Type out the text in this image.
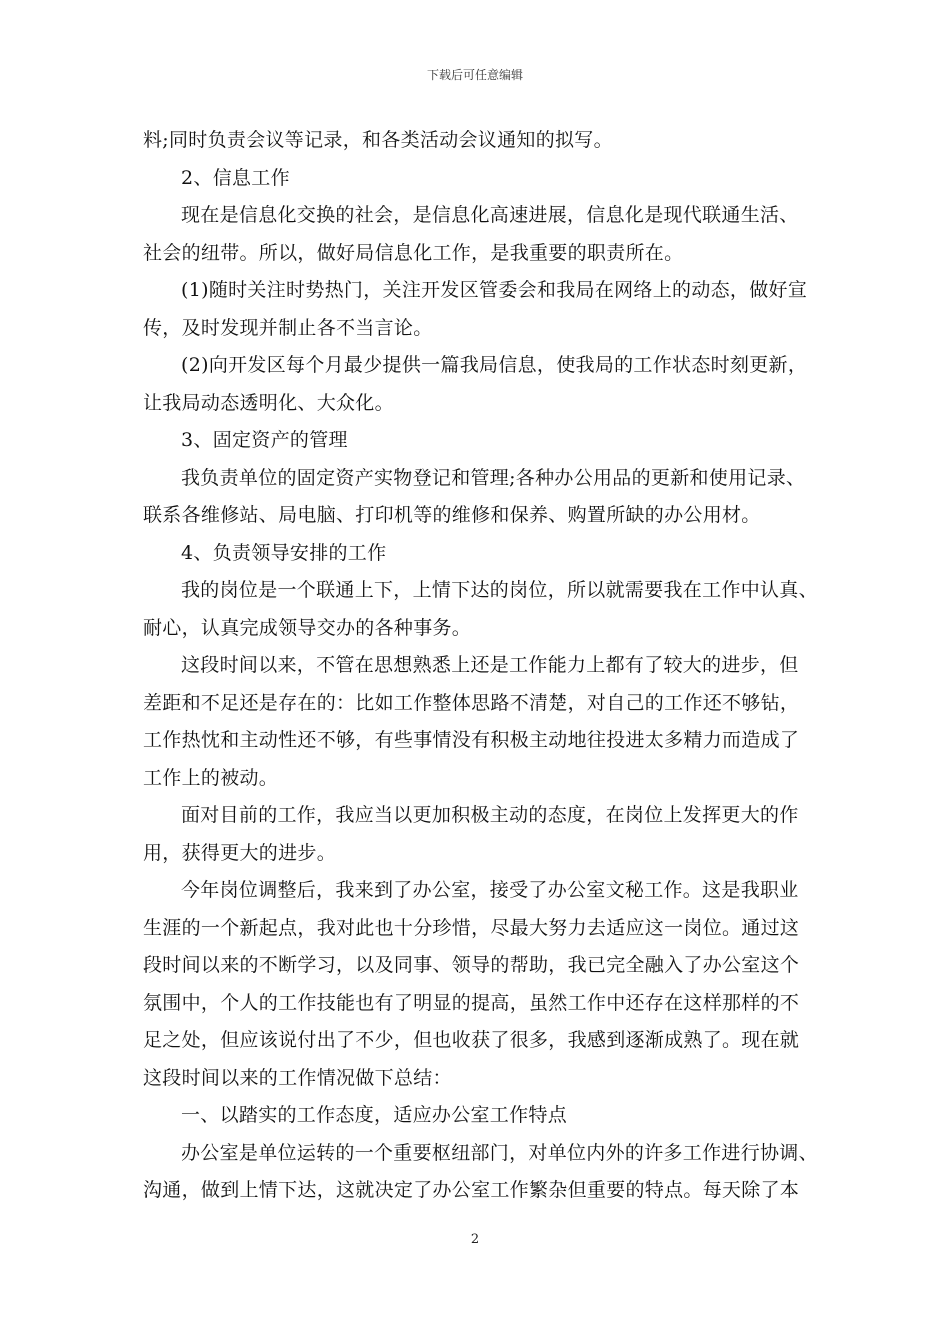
下载后可任意编辑
料;同时负责会议等记录，和各类活动会议通知的拟写。
2、信息工作
现在是信息化交换的社会，是信息化高速进展，信息化是现代联通生活、
社会的纽带。所以，做好局信息化工作，是我重要的职责所在。
(1)随时关注时势热门，关注开发区管委会和我局在网络上的动态，做好宣
传，及时发现并制止各不当言论。
(2)向开发区每个月最少提供一篇我局信息，使我局的工作状态时刻更新，
让我局动态透明化、大众化。
3、固定资产的管理
我负责单位的固定资产实物登记和管理;各种办公用品的更新和使用记录、
联系各维修站、局电脑、打印机等的维修和保养、购置所缺的办公用材。
4、负责领导安排的工作
我的岗位是一个联通上下，上情下达的岗位，所以就需要我在工作中认真、
耐心，认真完成领导交办的各种事务。
这段时间以来，不管在思想熟悉上还是工作能力上都有了较大的进步，但
差距和不足还是存在的：比如工作整体思路不清楚，对自己的工作还不够钻，
工作热忱和主动性还不够，有些事情没有积极主动地往投进太多精力而造成了
工作上的被动。
面对目前的工作，我应当以更加积极主动的态度，在岗位上发挥更大的作
用，获得更大的进步。
今年岗位调整后，我来到了办公室，接受了办公室文秘工作。这是我职业
生涯的一个新起点，我对此也十分珍惜，尽最大努力去适应这一岗位。通过这
段时间以来的不断学习，以及同事、领导的帮助，我已完全融入了办公室这个
氛围中，个人的工作技能也有了明显的提高，虽然工作中还存在这样那样的不
足之处，但应该说付出了不少，但也收获了很多，我感到逐渐成熟了。现在就
这段时间以来的工作情况做下总结：
一、以踏实的工作态度，适应办公室工作特点
办公室是单位运转的一个重要枢纽部门，对单位内外的许多工作进行协调、
沟通，做到上情下达，这就决定了办公室工作繁杂但重要的特点。每天除了本
2
